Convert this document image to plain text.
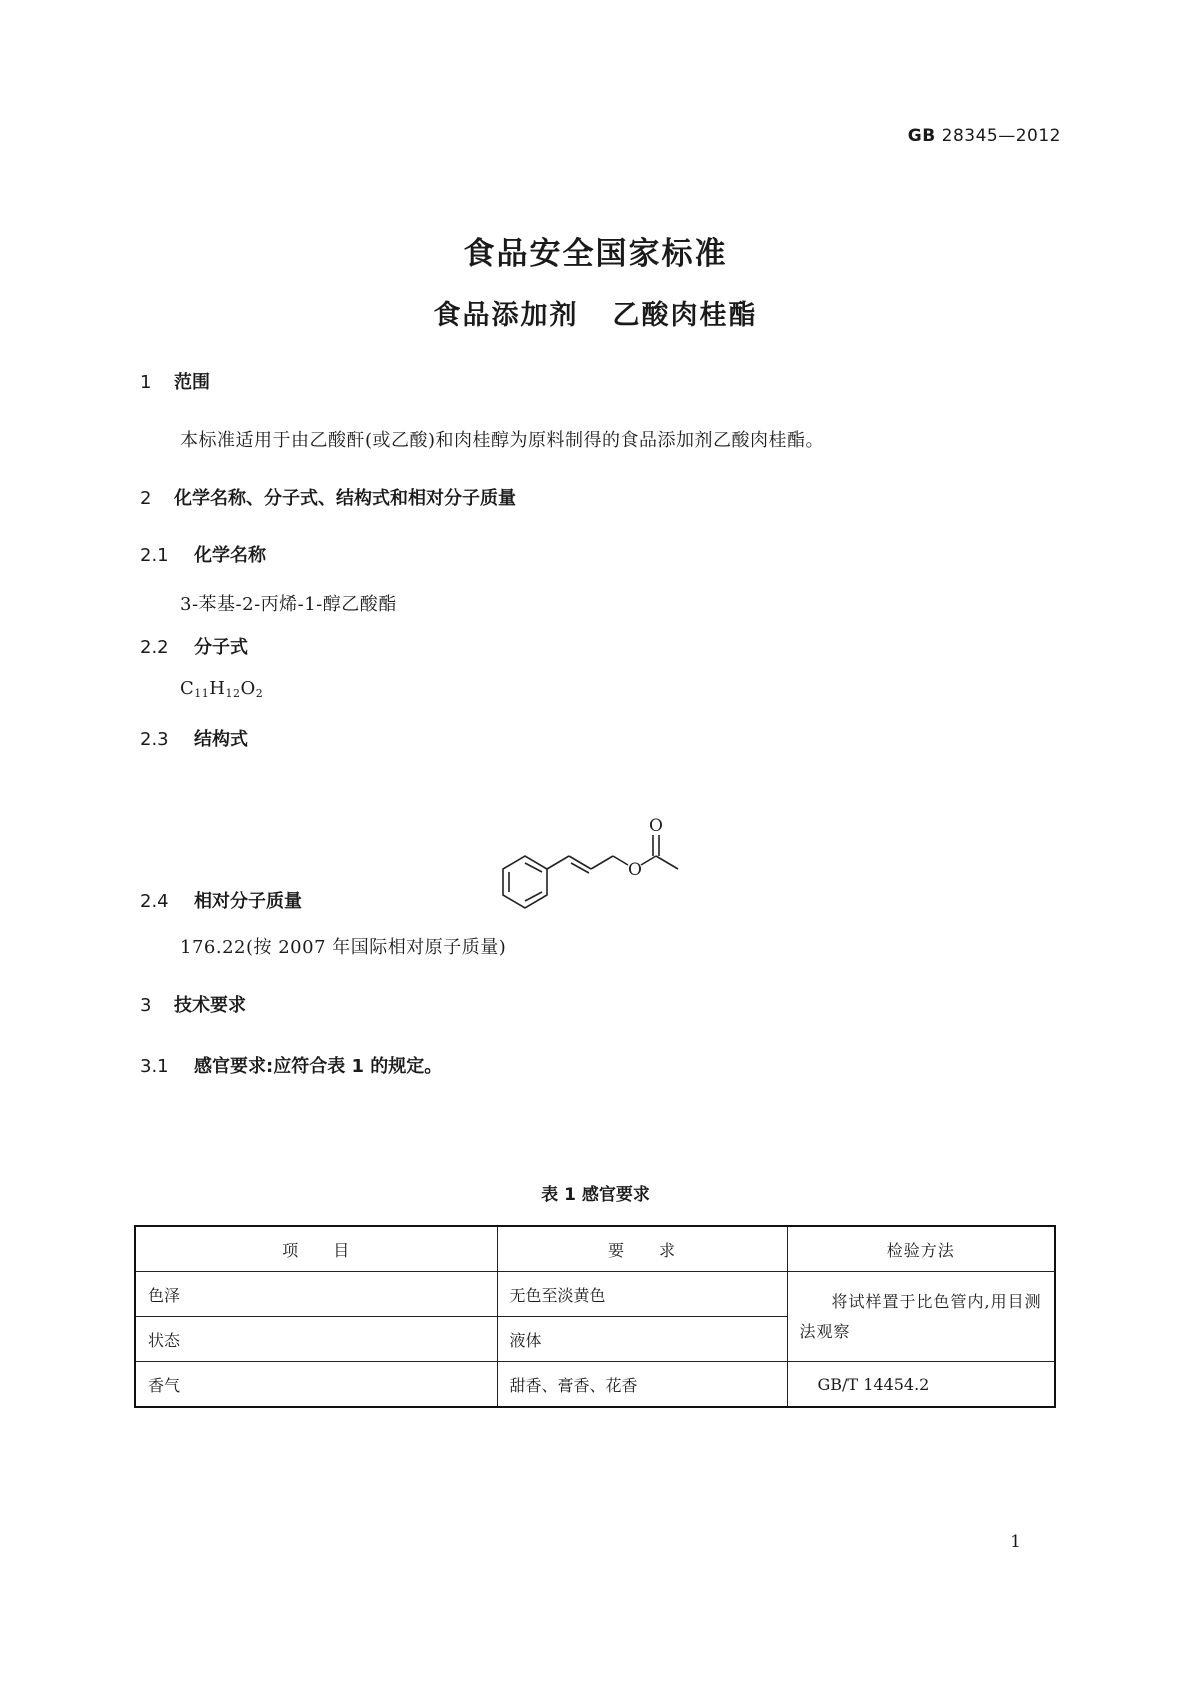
GB 28345—2012
食品安全国家标准
食品添加剂 乙酸肉桂酯
1 范围
本标准适用于由乙酸酐(或乙酸)和肉桂醇为原料制得的食品添加剂乙酸肉桂酯。
2 化学名称、分子式、结构式和相对分子质量
2.1 化学名称
3-苯基-2-丙烯-1-醇乙酸酯
2.2 分子式
$C_{11}H_{12}O_2$
2.3 结构式
O
O
2.4 相对分子质量
176.22(按 2007 年国际相对原子质量)
3 技术要求
3.1 感官要求:应符合表 1 的规定。
表 1 感官要求
项　　目	要　　求	检验方法
色泽	无色至淡黄色	将试样置于比色管内,用目测法观察
状态	液体	
香气	甜香、膏香、花香	GB/T 14454.2
1
